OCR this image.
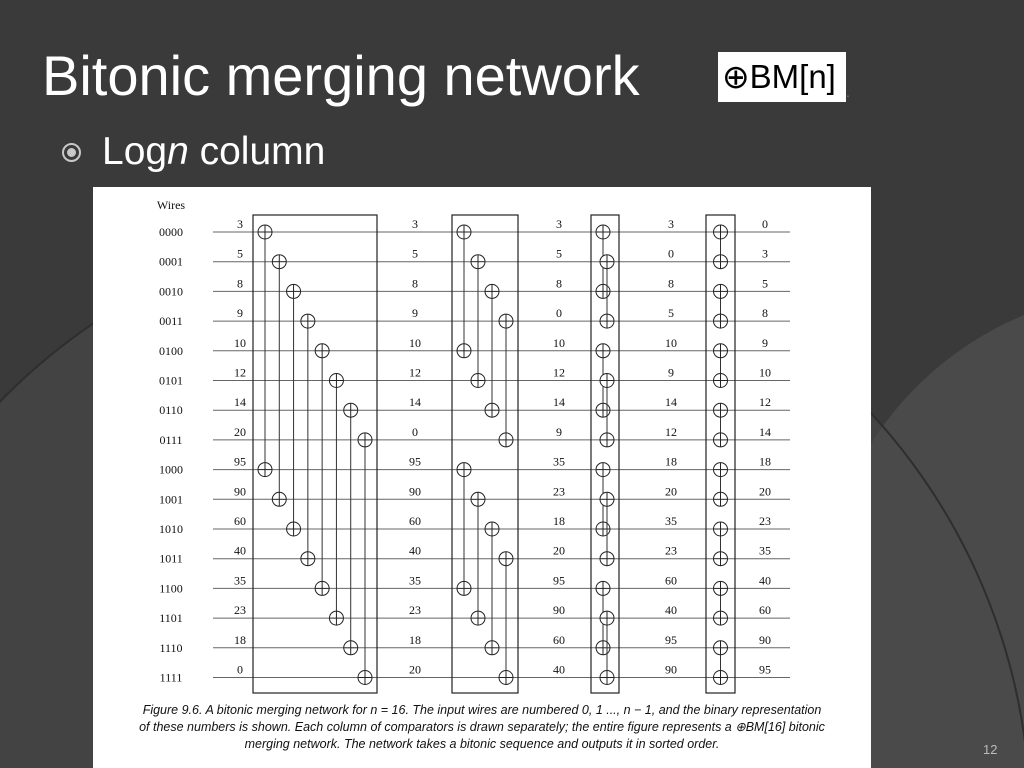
Bitonic merging network ⊕BM[n] .
Logn column
Wires
0000
0001
0010
0011
0100
0101
0110
0111
1000
1001
1010
1011
1100
1101
1110
1111
3
5
8
9
10
12
14
20
95
90
60
40
35
23
18
0
3
5
8
9
10
12
14
0
95
90
60
40
35
23
18
20
3
5
8
0
10
12
14
9
35
23
18
20
95
90
60
40
3
0
8
5
10
9
14
12
18
20
35
23
60
40
95
90
0
3
5
8
9
10
12
14
18
20
23
35
40
60
90
95
Figure 9.6. A bitonic merging network for n = 16. The input wires are numbered 0, 1 ..., n − 1, and the binary representation
of these numbers is shown. Each column of comparators is drawn separately; the entire figure represents a ⊕BM[16] bitonic
merging network. The network takes a bitonic sequence and outputs it in sorted order.	12
